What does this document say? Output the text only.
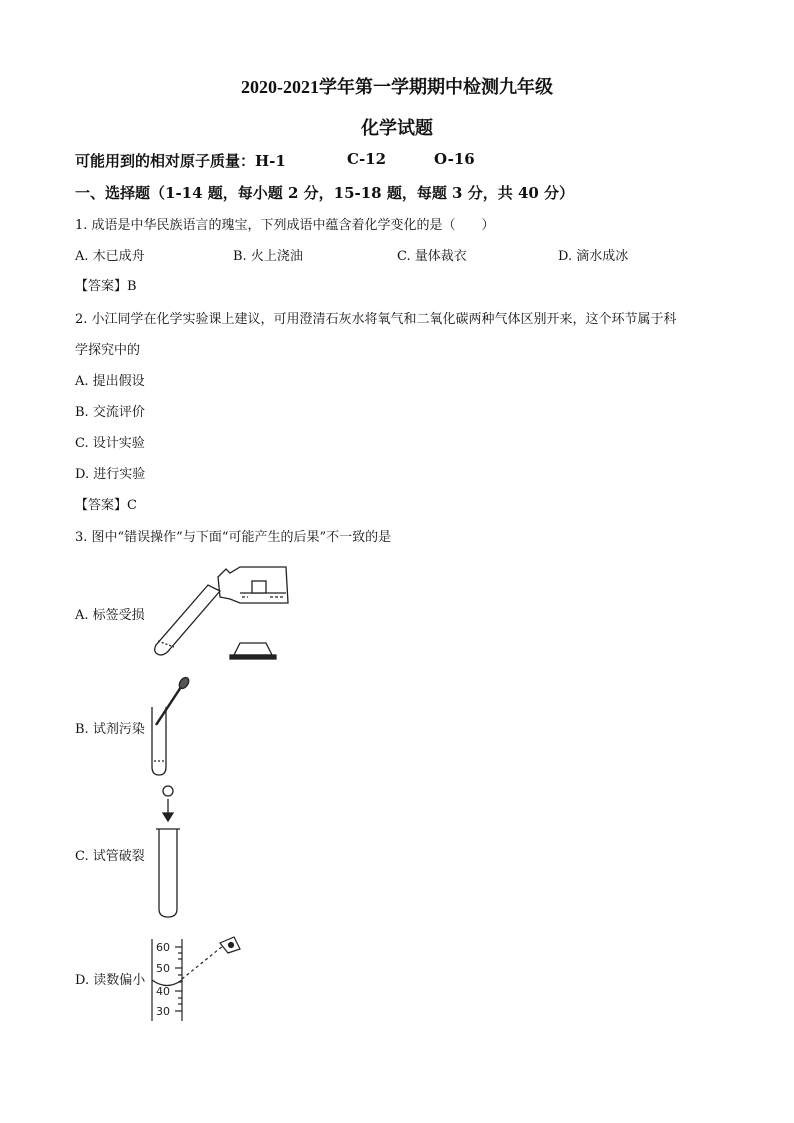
2020-2021学年第一学期期中检测九年级
化学试题
可能用到的相对原子质量：H-1	C-12	O-16
一、选择题（1-14 题，每小题 2 分，15-18 题，每题 3 分，共 40 分）
1. 成语是中华民族语言的瑰宝，下列成语中蕴含着化学变化的是（　　）
A. 木已成舟	B. 火上浇油	C. 量体裁衣	D. 滴水成冰
【答案】B
2. 小江同学在化学实验课上建议，可用澄清石灰水将氧气和二氧化碳两种气体区别开来，这个环节属于科
学探究中的
A. 提出假设
B. 交流评价
C. 设计实验
D. 进行实验
【答案】C
3. 图中“错误操作”与下面“可能产生的后果”不一致的是
A. 标签受损
B. 试剂污染
C. 试管破裂
D. 读数偏小
60
50
40
30
